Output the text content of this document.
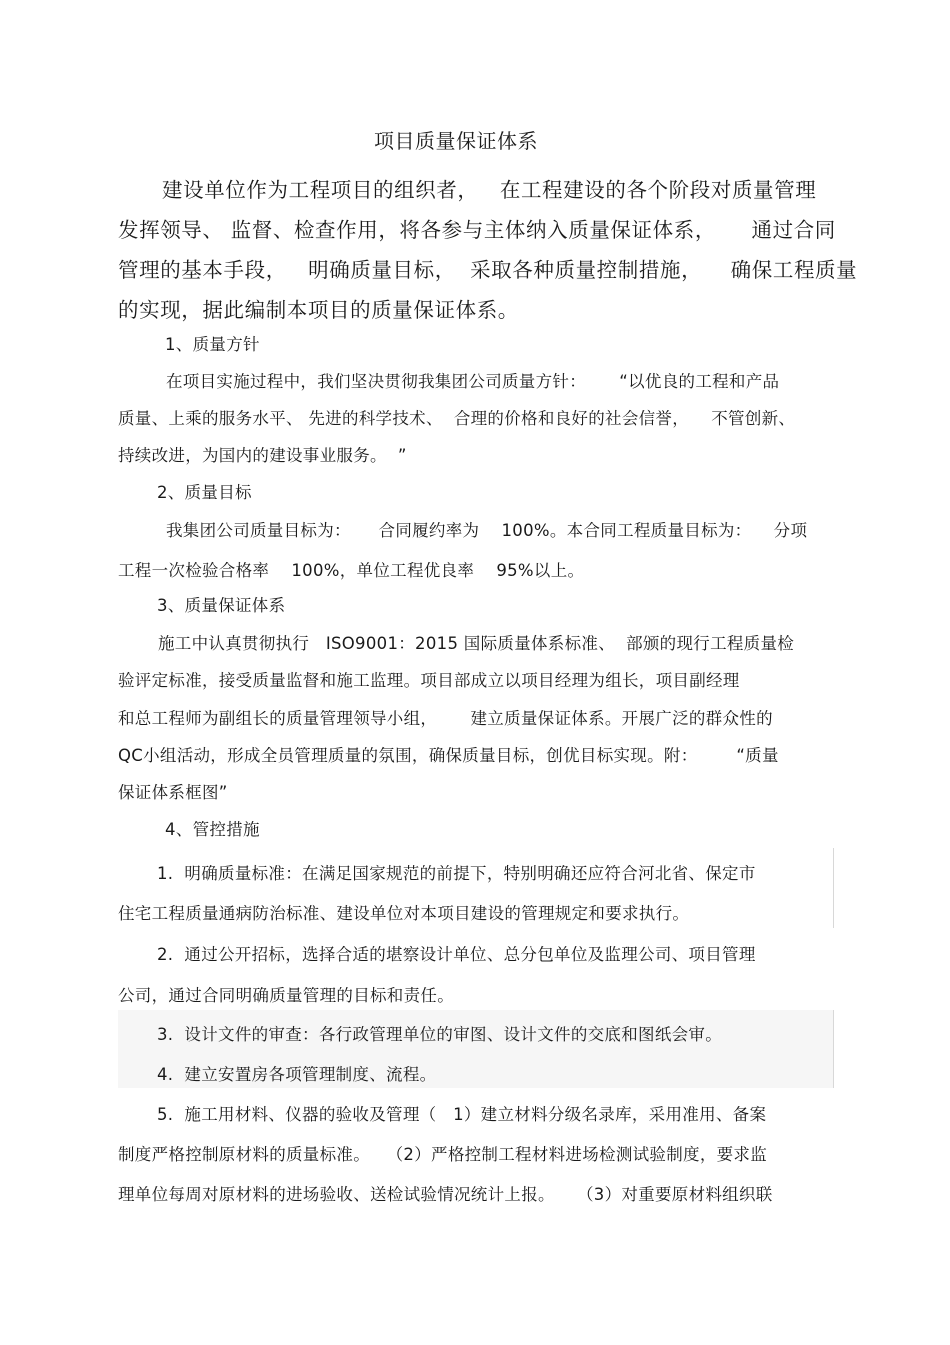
项目质量保证体系
建设单位作为工程项目的组织者，   在工程建设的各个阶段对质量管理
发挥领导、 监督、检查作用，将各参与主体纳入质量保证体系，     通过合同
管理的基本手段，   明确质量目标，  采取各种质量控制措施，    确保工程质量
的实现，据此编制本项目的质量保证体系。
1、质量方针
在项目实施过程中，我们坚决贯彻我集团公司质量方针：      “以优良的工程和产品
质量、上乘的服务水平、 先进的科学技术、  合理的价格和良好的社会信誉，    不管创新、
持续改进，为国内的建设事业服务。  ”
2、质量目标
我集团公司质量目标为：     合同履约率为    100%。本合同工程质量目标为：    分项
工程一次检验合格率    100%，单位工程优良率    95%以上。
3、质量保证体系
施工中认真贯彻执行   ISO9001：2015 国际质量体系标准、  部颁的现行工程质量检
验评定标准，接受质量监督和施工监理。项目部成立以项目经理为组长，项目副经理
和总工程师为副组长的质量管理领导小组，      建立质量保证体系。开展广泛的群众性的
QC小组活动，形成全员管理质量的氛围，确保质量目标，创优目标实现。附：       “质量
保证体系框图”
4、管控措施
1.  明确质量标准：在满足国家规范的前提下，特别明确还应符合河北省、保定市
住宅工程质量通病防治标准、建设单位对本项目建设的管理规定和要求执行。
2.  通过公开招标，选择合适的堪察设计单位、总分包单位及监理公司、项目管理
公司，通过合同明确质量管理的目标和责任。
3.  设计文件的审查：各行政管理单位的审图、设计文件的交底和图纸会审。
4.  建立安置房各项管理制度、流程。
5.  施工用材料、仪器的验收及管理（   1）建立材料分级名录库，采用准用、备案
制度严格控制原材料的质量标准。   （2）严格控制工程材料进场检测试验制度，要求监
理单位每周对原材料的进场验收、送检试验情况统计上报。    （3）对重要原材料组织联
